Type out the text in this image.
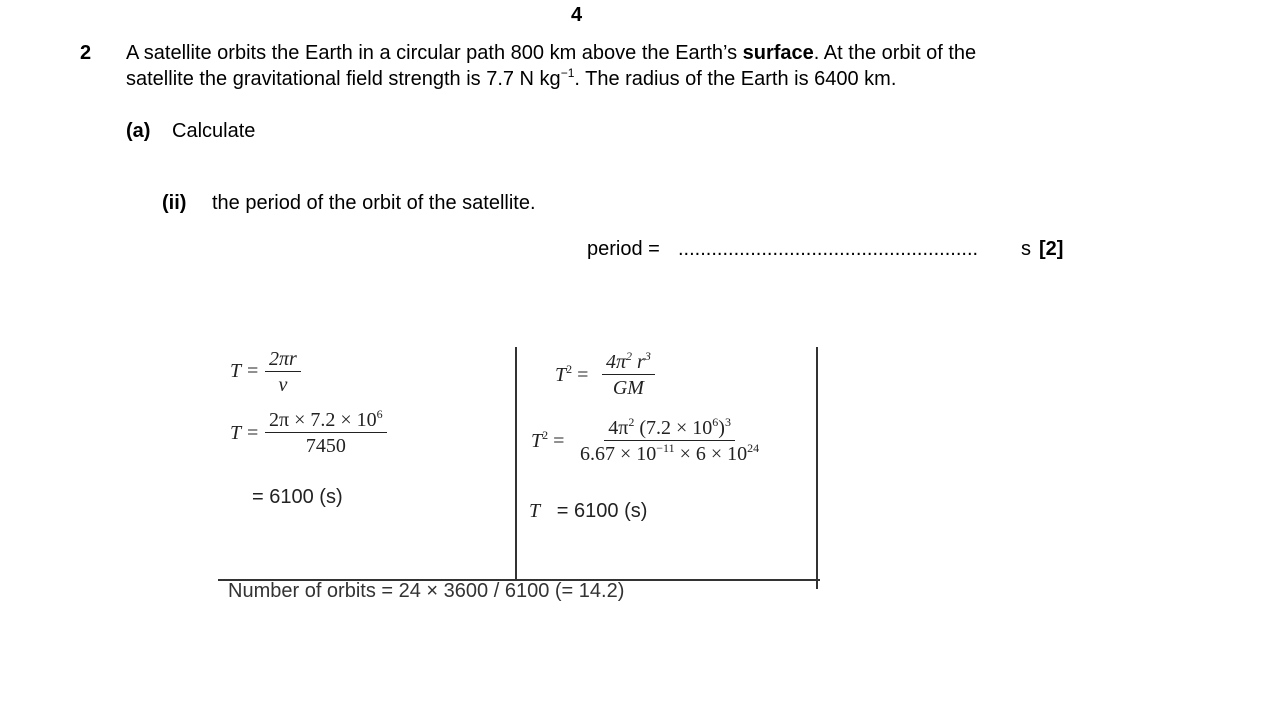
4
2 A satellite orbits the Earth in a circular path 800 km above the Earth’s surface. At the orbit of the
satellite the gravitational field strength is 7.7 N $kg^{-1}$. The radius of the Earth is 6400 km.
(a) Calculate
(ii) the period of the orbit of the satellite.
period = ......................................................	s [2]
$T = \frac{2\pi r}{v}$
$T = \frac{2\pi \times 7.2 \times 10^6}{7450}$
= 6100 (s)
$T^2 = \frac{4\pi^2 r^3}{GM}$
$T^2 = \frac{4\pi^2 (7.2 \times 10^6)^3}{6.67 \times 10^{-11} \times 6 \times 10^{24}}$
T = 6100 (s)
Number of orbits = 24 × 3600 / 6100 (= 14.2)
